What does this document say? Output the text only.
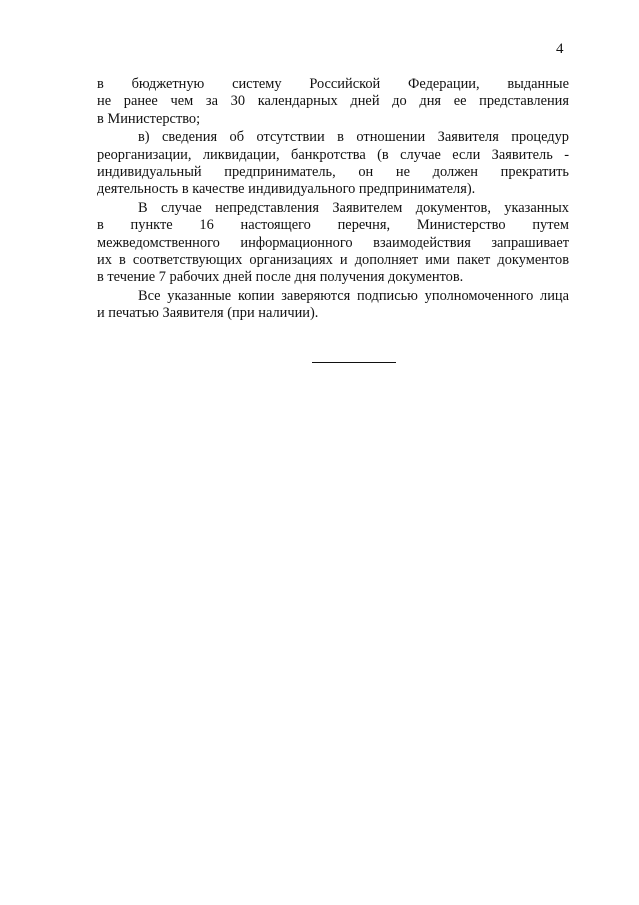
4
в бюджетную систему Российской Федерации, выданные
не ранее чем за 30 календарных дней до дня ее представления
в Министерство;
в) сведения об отсутствии в отношении Заявителя процедур
реорганизации, ликвидации, банкротства (в случае если Заявитель -
индивидуальный предприниматель, он не должен прекратить
деятельность в качестве индивидуального предпринимателя).
В случае непредставления Заявителем документов, указанных
в пункте 16 настоящего перечня, Министерство путем
межведомственного информационного взаимодействия запрашивает
их в соответствующих организациях и дополняет ими пакет документов
в течение 7 рабочих дней после дня получения документов.
Все указанные копии заверяются подписью уполномоченного лица
и печатью Заявителя (при наличии).
